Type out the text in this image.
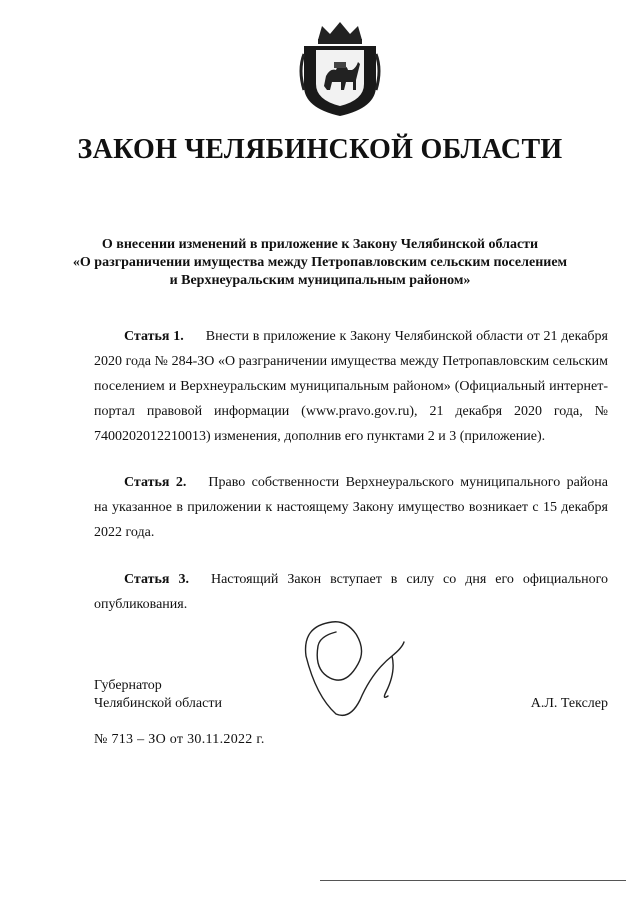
ЗАКОН ЧЕЛЯБИНСКОЙ ОБЛАСТИ
О внесении изменений в приложение к Закону Челябинской области
«О разграничении имущества между Петропавловским сельским поселением
и Верхнеуральским муниципальным районом»
Статья 1. Внести в приложение к Закону Челябинской области от 21 декабря 2020 года № 284-ЗО «О разграничении имущества между Петропавловским сельским поселением и Верхнеуральским муниципальным районом» (Официальный интернет-портал правовой информации (www.pravo.gov.ru), 21 декабря 2020 года, № 7400202012210013) изменения, дополнив его пунктами 2 и 3 (приложение).
Статья 2. Право собственности Верхнеуральского муниципального района на указанное в приложении к настоящему Закону имущество возникает с 15 декабря 2022 года.
Статья 3. Настоящий Закон вступает в силу со дня его официального опубликования.
Губернатор
Челябинской области	А.Л. Текслер
№ 713 – ЗО от 30.11.2022 г.
